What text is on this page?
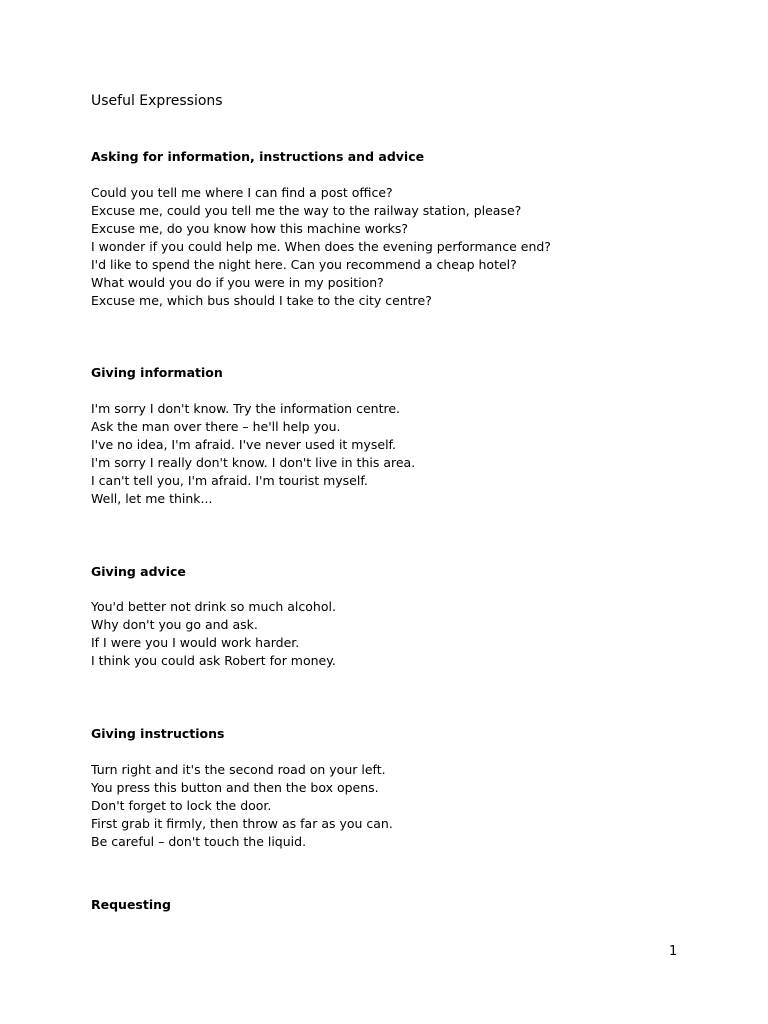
Useful Expressions
Asking for information, instructions and advice
Could you tell me where I can find a post office?
Excuse me, could you tell me the way to the railway station, please?
Excuse me, do you know how this machine works?
I wonder if you could help me. When does the evening performance end?
I'd like to spend the night here. Can you recommend a cheap hotel?
What would you do if you were in my position?
Excuse me, which bus should I take to the city centre?
Giving information
I'm sorry I don't know. Try the information centre.
Ask the man over there – he'll help you.
I've no idea, I'm afraid. I've never used it myself.
I'm sorry I really don't know. I don't live in this area.
I can't tell you, I'm afraid. I'm tourist myself.
Well, let me think...
Giving advice
You'd better not drink so much alcohol.
Why don't you go and ask.
If I were you I would work harder.
I think you could ask Robert for money.
Giving instructions
Turn right and it's the second road on your left.
You press this button and then the box opens.
Don't forget to lock the door.
First grab it firmly, then throw as far as you can.
Be careful – don't touch the liquid.
Requesting
1
